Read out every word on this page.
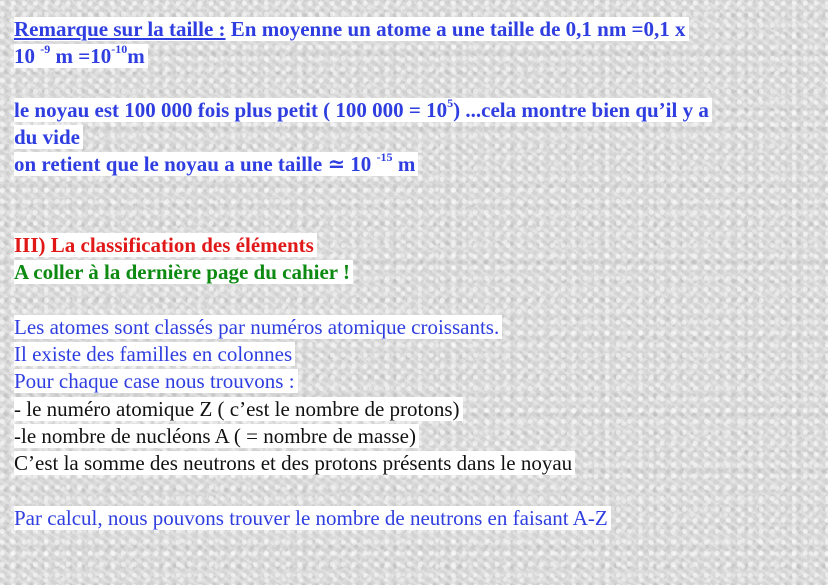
Remarque sur la taille : En moyenne un atome a une taille de 0,1 nm =0,1 x

10 $^{-9}$ $m =10^{-10}m$

le noyau est 100 000 fois plus petit ( 100 $000 = 10^5$) ...cela montre bien qu’il y a

du vide

on retient que le noyau a une taille ≃ 10 $^{-15}$ m

III) La classification des éléments

A coller à la dernière page du cahier !

Les atomes sont classés par numéros atomique croissants.

Il existe des familles en colonnes

Pour chaque case nous trouvons :

- le numéro atomique Z ( c’est le nombre de protons)

-le nombre de nucléons A ( = nombre de masse)

C’est la somme des neutrons et des protons présents dans le noyau

Par calcul, nous pouvons trouver le nombre de neutrons en faisant A-Z
